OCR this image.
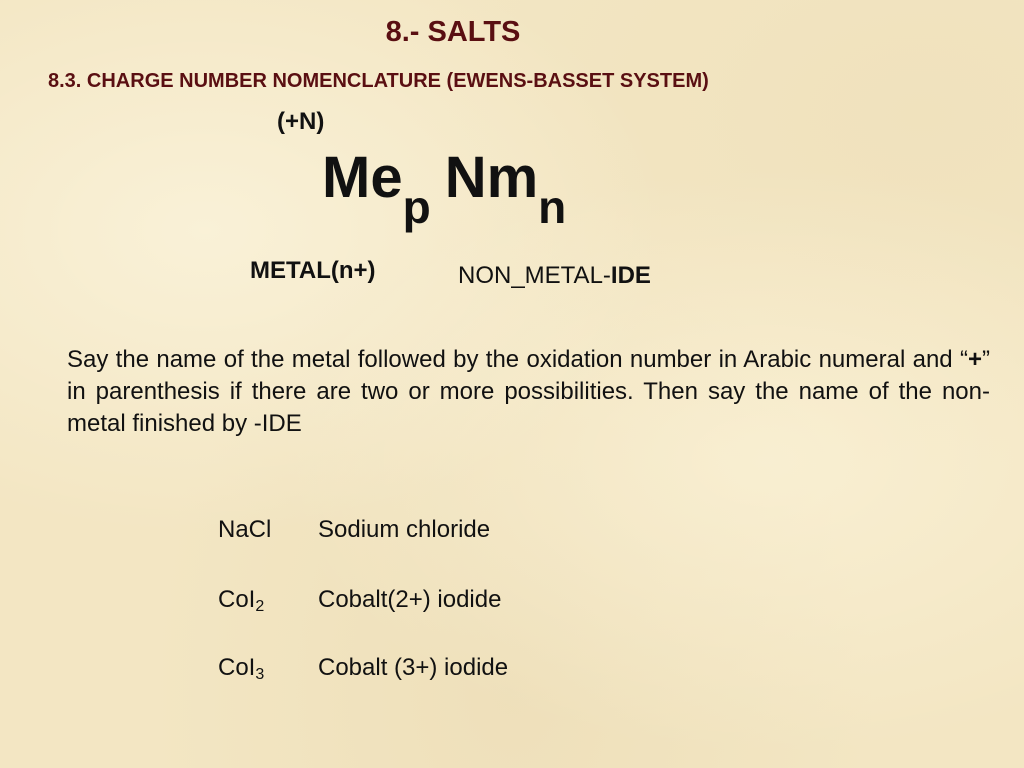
8.- SALTS
8.3. CHARGE NUMBER NOMENCLATURE (EWENS-BASSET SYSTEM)
(+N)
$Me_p$ $Nm_n$
METAL(n+)	NON_METAL-IDE
Say the name of the metal followed by the oxidation number in Arabic numeral and “+” in parenthesis if there are two or more possibilities. Then say the name of the non-metal finished by -IDE
NaCl Sodium chloride
CoI2 Cobalt(2+) iodide
CoI3 Cobalt (3+) iodide
